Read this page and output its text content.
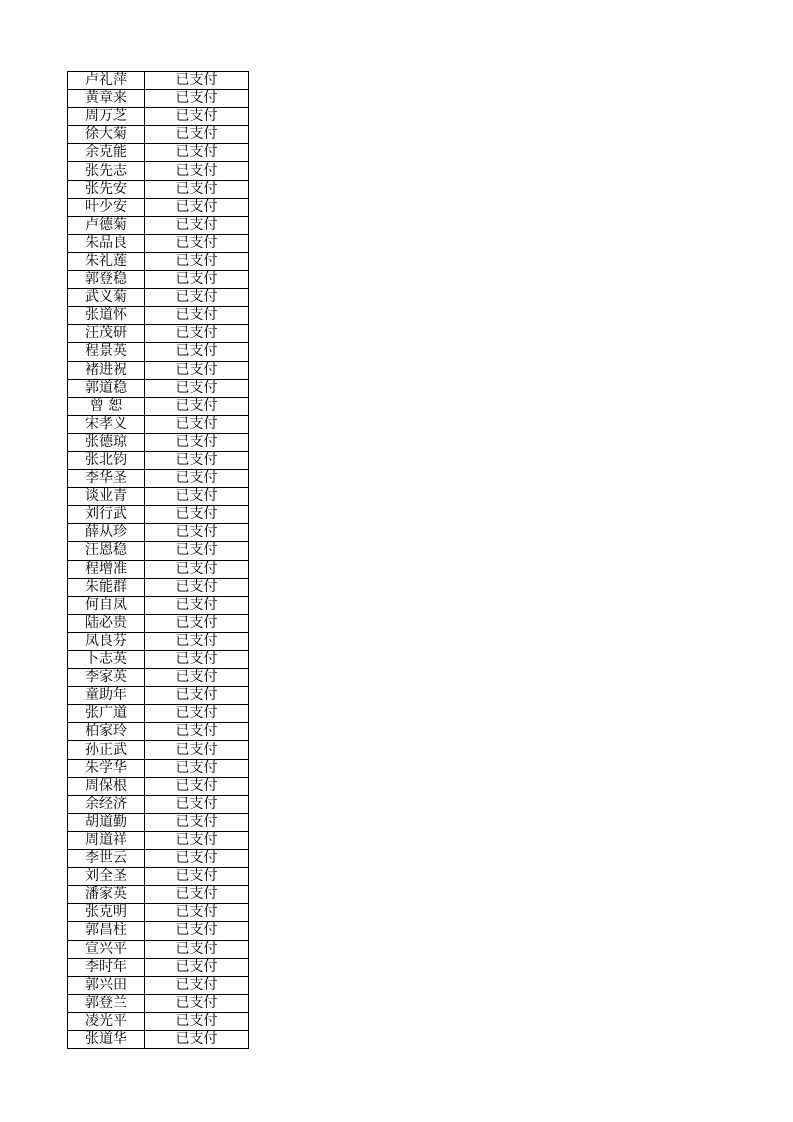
卢礼萍	已支付
黄章来	已支付
周万芝	已支付
徐大菊	已支付
余克能	已支付
张先志	已支付
张先安	已支付
叶少安	已支付
卢德菊	已支付
朱品良	已支付
朱礼莲	已支付
郭登稳	已支付
武义菊	已支付
张道怀	已支付
汪茂研	已支付
程景英	已支付
褚进祝	已支付
郭道稳	已支付
曾 恕	已支付
宋孝义	已支付
张德琼	已支付
张北钧	已支付
李华圣	已支付
谈业青	已支付
刘行武	已支付
薛从珍	已支付
汪恩稳	已支付
程增准	已支付
朱能群	已支付
何自凤	已支付
陆必贵	已支付
凤良芬	已支付
卜志英	已支付
李家英	已支付
童助年	已支付
张广道	已支付
柏家玲	已支付
孙正武	已支付
朱学华	已支付
周保根	已支付
余经济	已支付
胡道勤	已支付
周道祥	已支付
李世云	已支付
刘全圣	已支付
潘家英	已支付
张克明	已支付
郭昌柱	已支付
宣兴平	已支付
李时年	已支付
郭兴田	已支付
郭登兰	已支付
凌光平	已支付
张道华	已支付
